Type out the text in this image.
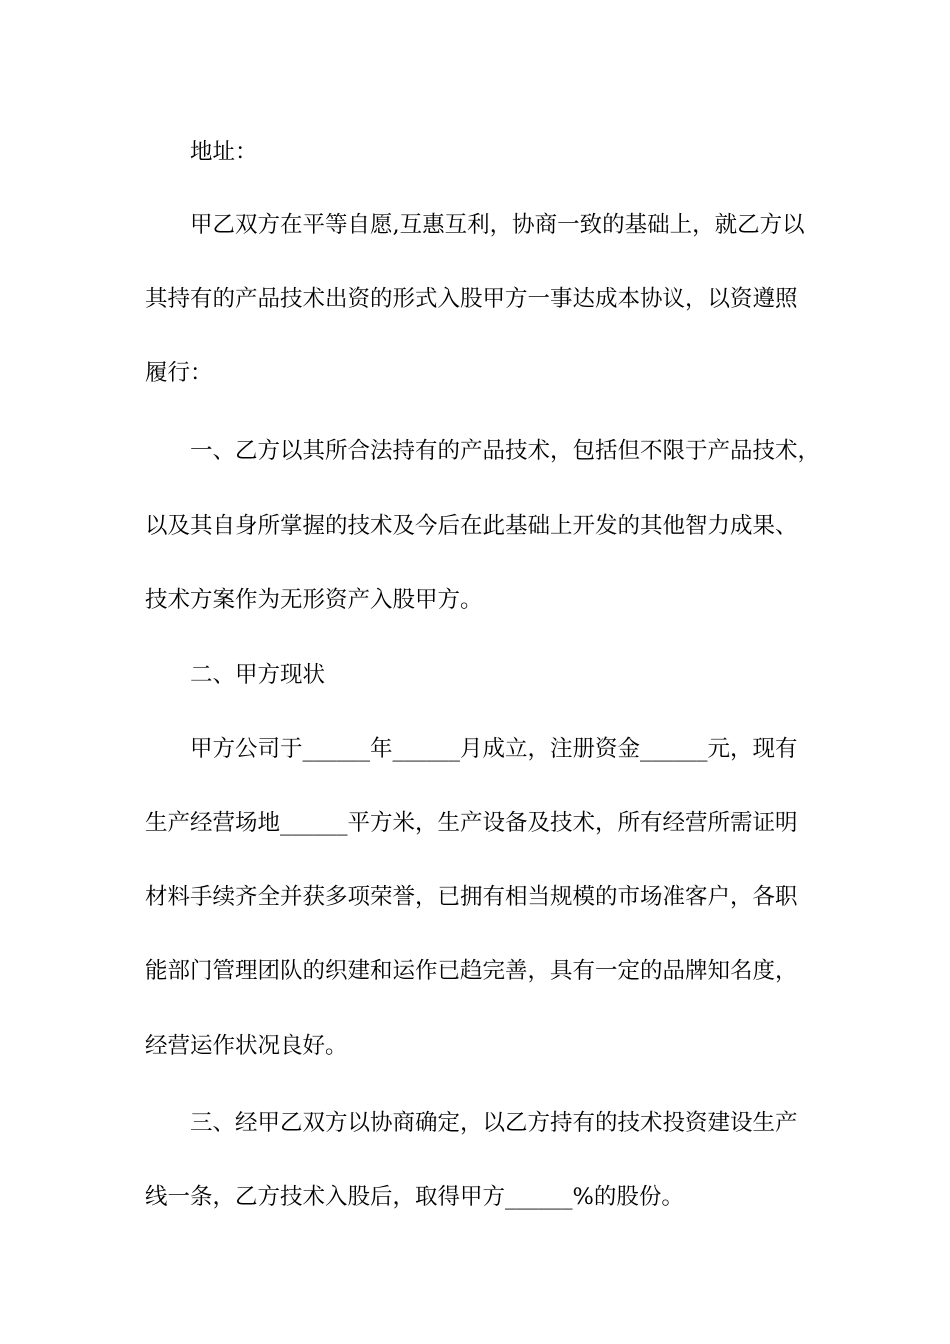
地址：
甲乙双方在平等自愿,互惠互利，协商一致的基础上，就乙方以
其持有的产品技术出资的形式入股甲方一事达成本协议，以资遵照
履行：
一、乙方以其所合法持有的产品技术，包括但不限于产品技术，
以及其自身所掌握的技术及今后在此基础上开发的其他智力成果、
技术方案作为无形资产入股甲方。
二、甲方现状
甲方公司于______年______月成立，注册资金______元，现有
生产经营场地______平方米，生产设备及技术，所有经营所需证明
材料手续齐全并获多项荣誉，已拥有相当规模的市场准客户，各职
能部门管理团队的织建和运作已趋完善，具有一定的品牌知名度，
经营运作状况良好。
三、经甲乙双方以协商确定，以乙方持有的技术投资建设生产
线一条，乙方技术入股后，取得甲方______%的股份。
